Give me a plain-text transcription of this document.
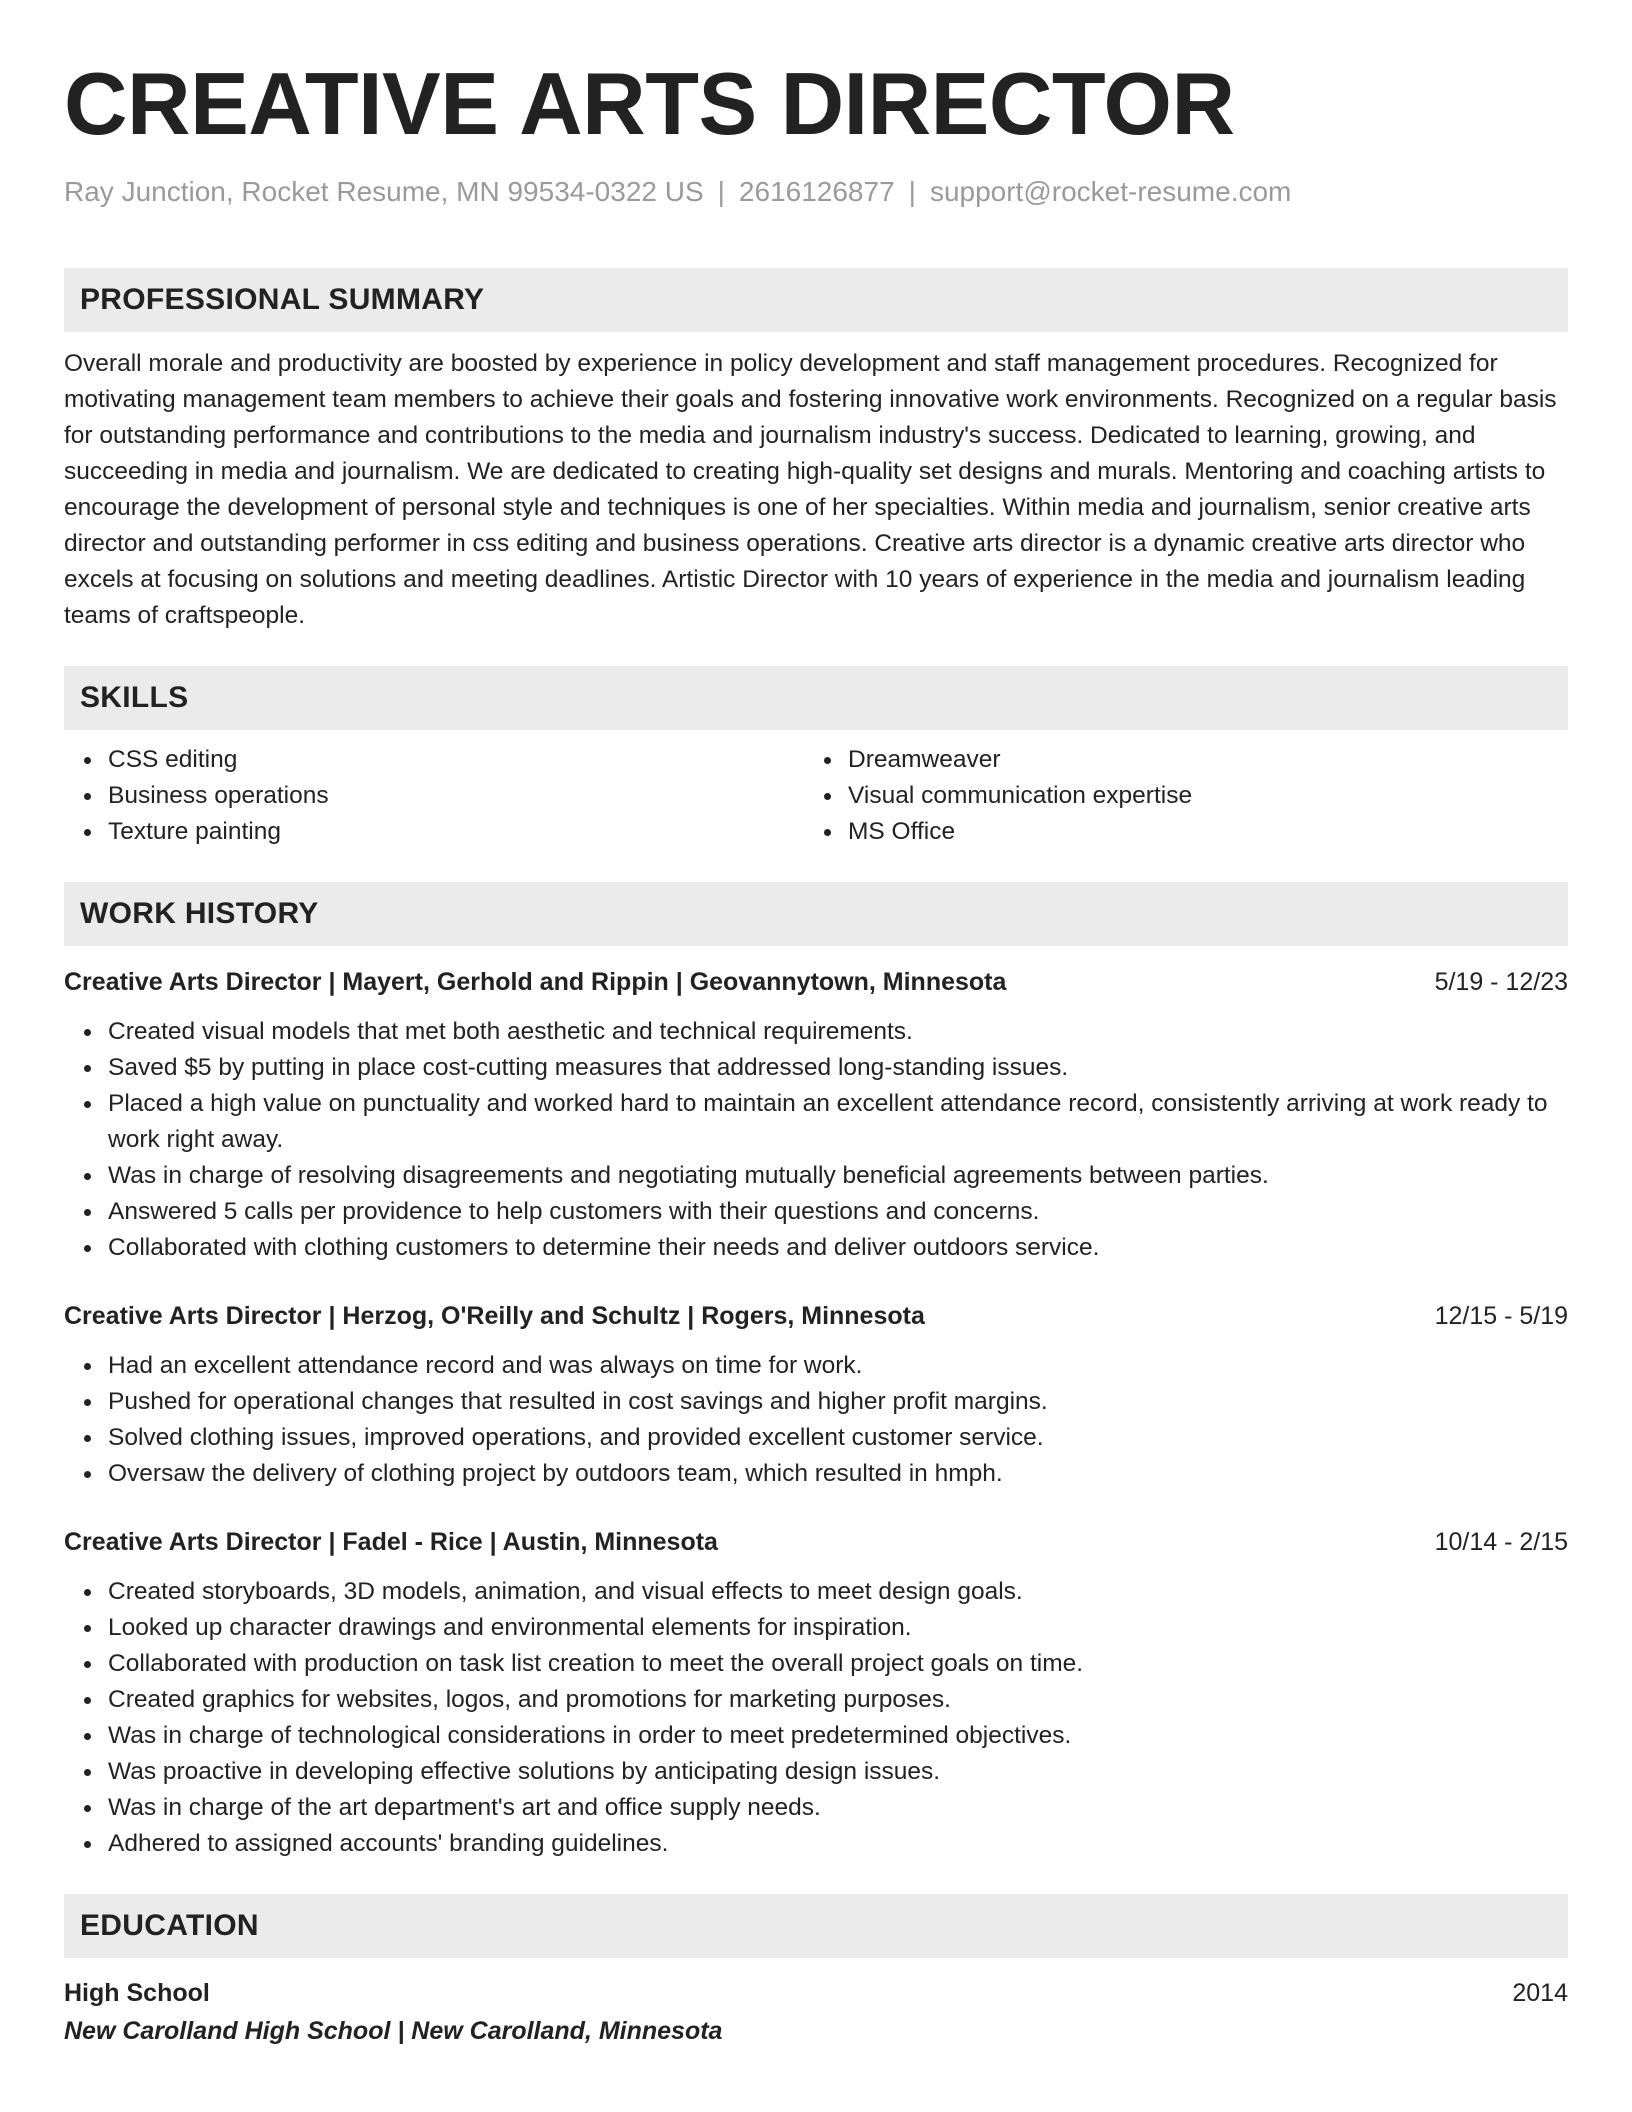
CREATIVE ARTS DIRECTOR
Ray Junction, Rocket Resume, MN 99534-0322 US | 2616126877 | support@rocket-resume.com
PROFESSIONAL SUMMARY

Overall morale and productivity are boosted by experience in policy development and staff management procedures. Recognized for motivating management team members to achieve their goals and fostering innovative work environments. Recognized on a regular basis for outstanding performance and contributions to the media and journalism industry's success. Dedicated to learning, growing, and succeeding in media and journalism. We are dedicated to creating high-quality set designs and murals. Mentoring and coaching artists to encourage the development of personal style and techniques is one of her specialties. Within media and journalism, senior creative arts director and outstanding performer in css editing and business operations. Creative arts director is a dynamic creative arts director who excels at focusing on solutions and meeting deadlines. Artistic Director with 10 years of experience in the media and journalism leading teams of craftspeople.

SKILLS
CSS editing
Business operations
Texture painting
Dreamweaver
Visual communication expertise
MS Office
WORK HISTORY
Creative Arts Director | Mayert, Gerhold and Rippin | Geovannytown, Minnesota	5/19 - 12/23
Created visual models that met both aesthetic and technical requirements.
Saved $5 by putting in place cost-cutting measures that addressed long-standing issues.
Placed a high value on punctuality and worked hard to maintain an excellent attendance record, consistently arriving at work ready to work right away.
Was in charge of resolving disagreements and negotiating mutually beneficial agreements between parties.
Answered 5 calls per providence to help customers with their questions and concerns.
Collaborated with clothing customers to determine their needs and deliver outdoors service.
Creative Arts Director | Herzog, O'Reilly and Schultz | Rogers, Minnesota	12/15 - 5/19
Had an excellent attendance record and was always on time for work.
Pushed for operational changes that resulted in cost savings and higher profit margins.
Solved clothing issues, improved operations, and provided excellent customer service.
Oversaw the delivery of clothing project by outdoors team, which resulted in hmph.
Creative Arts Director | Fadel - Rice | Austin, Minnesota	10/14 - 2/15
Created storyboards, 3D models, animation, and visual effects to meet design goals.
Looked up character drawings and environmental elements for inspiration.
Collaborated with production on task list creation to meet the overall project goals on time.
Created graphics for websites, logos, and promotions for marketing purposes.
Was in charge of technological considerations in order to meet predetermined objectives.
Was proactive in developing effective solutions by anticipating design issues.
Was in charge of the art department's art and office supply needs.
Adhered to assigned accounts' branding guidelines.
EDUCATION
High School	2014
New Carolland High School | New Carolland, Minnesota
